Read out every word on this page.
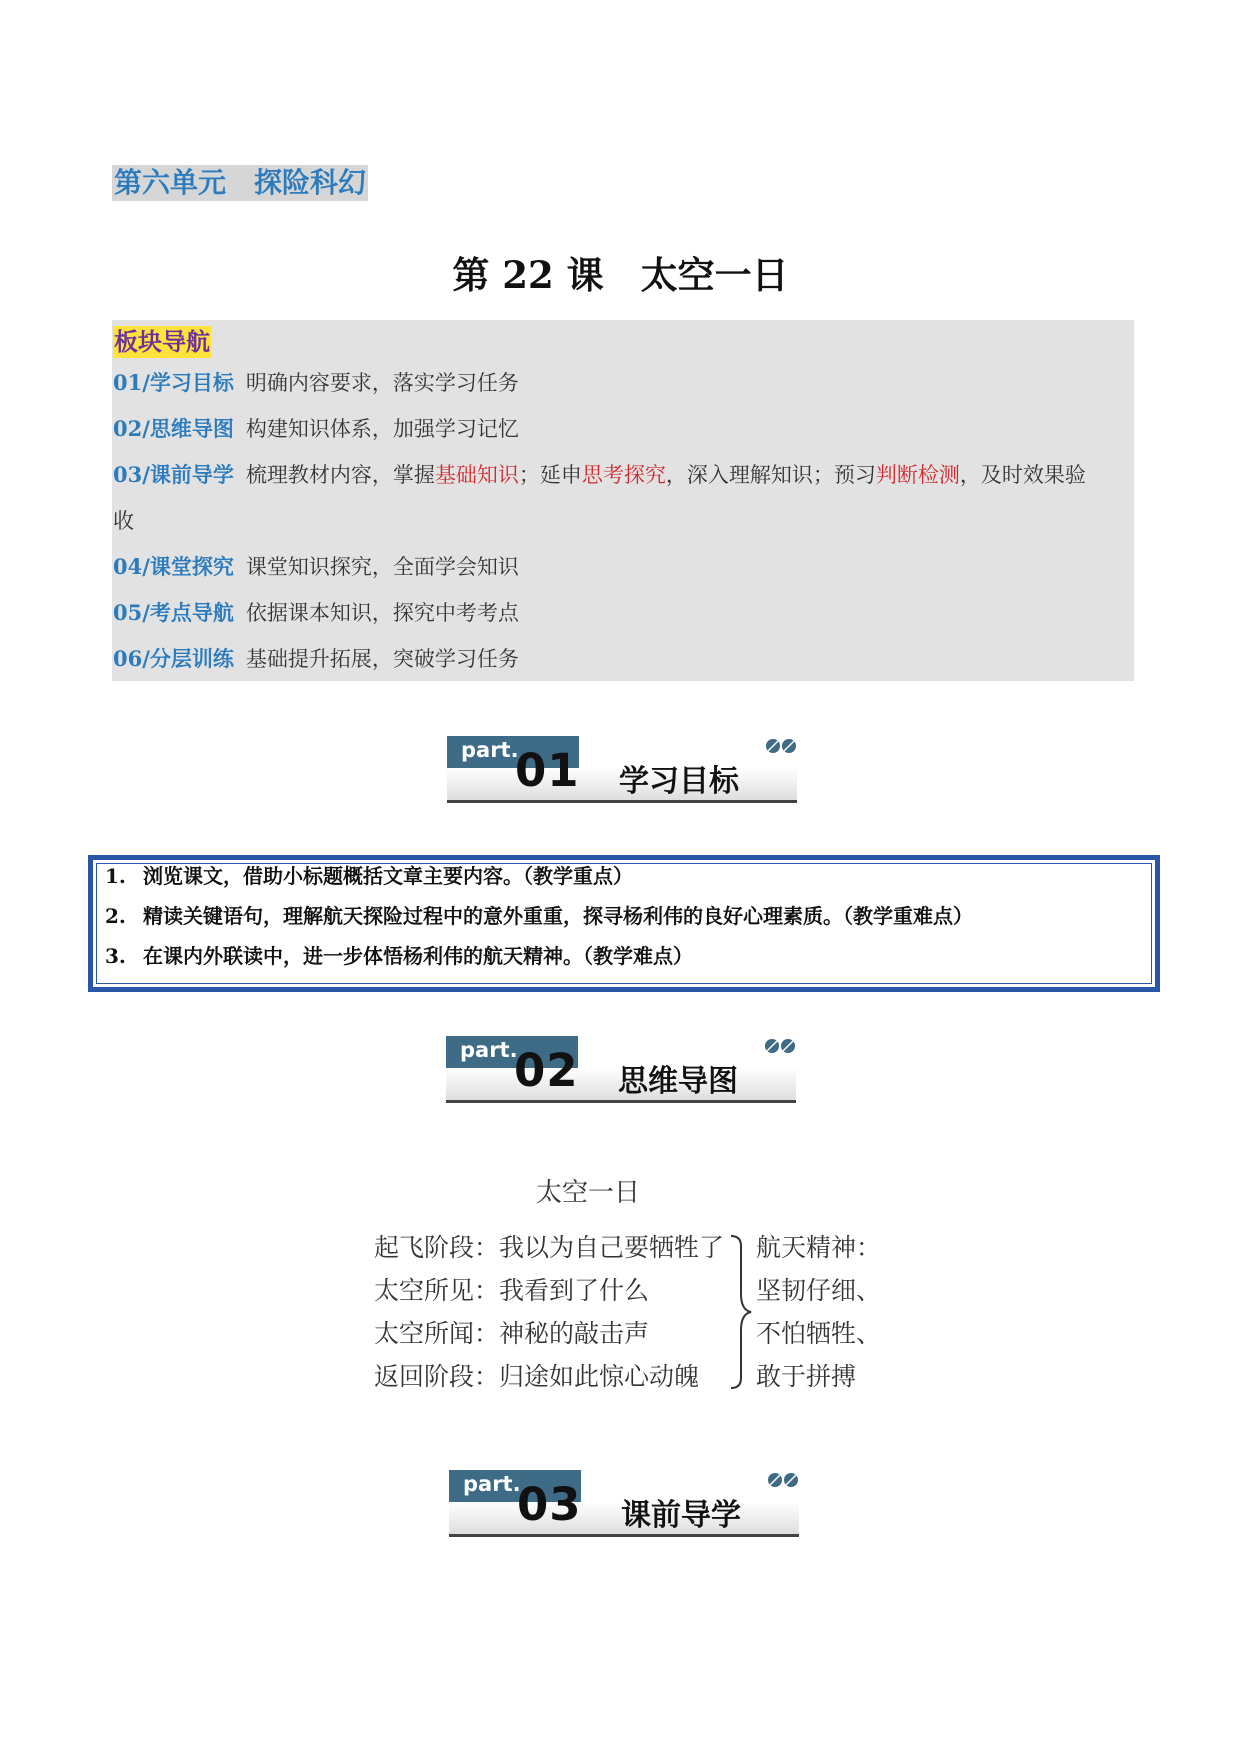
第六单元　探险科幻
第 22 课　太空一日
板块导航
01/学习目标 明确内容要求，落实学习任务
02/思维导图 构建知识体系，加强学习记忆
03/课前导学 梳理教材内容，掌握基础知识；延申思考探究，深入理解知识；预习判断检测，及时效果验
收
04/课堂探究 课堂知识探究，全面学会知识
05/考点导航 依据课本知识，探究中考考点
06/分层训练 基础提升拓展，突破学习任务
part.
01 学习目标
1. 浏览课文，借助小标题概括文章主要内容。（教学重点）
2. 精读关键语句，理解航天探险过程中的意外重重，探寻杨利伟的良好心理素质。（教学重难点）
3. 在课内外联读中，进一步体悟杨利伟的航天精神。（教学难点）
part.
02 思维导图
太空一日
起飞阶段：我以为自己要牺牲了
太空所见：我看到了什么
太空所闻：神秘的敲击声
返回阶段：归途如此惊心动魄
航天精神：
坚韧仔细、
不怕牺牲、
敢于拼搏
part.
03 课前导学
